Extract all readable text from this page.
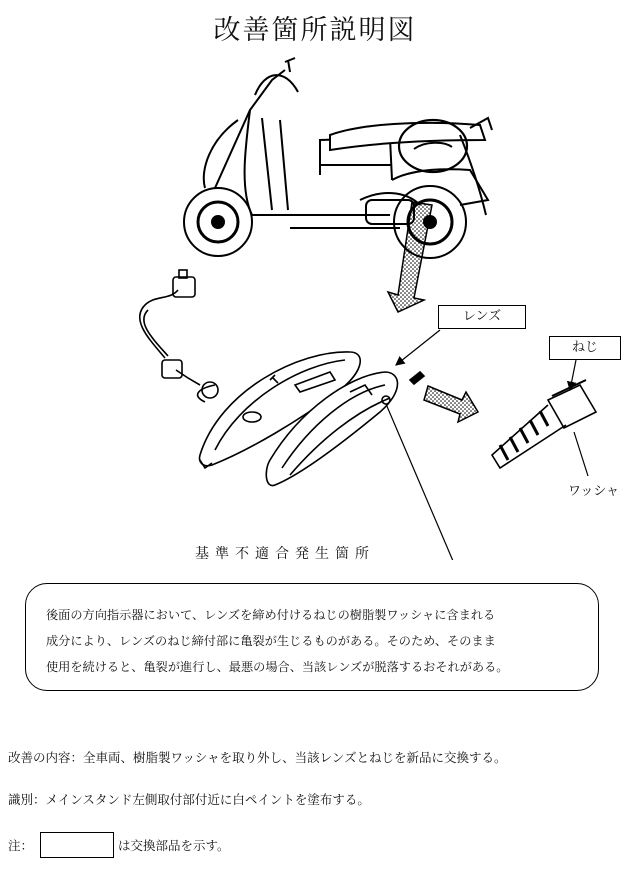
改善箇所説明図
レンズ
ねじ
ワッシャ
基準不適合発生箇所
後面の方向指示器において、レンズを締め付けるねじの樹脂製ワッシャに含まれる
成分により、レンズのねじ締付部に亀裂が生じるものがある。そのため、そのまま
使用を続けると、亀裂が進行し、最悪の場合、当該レンズが脱落するおそれがある。
改善の内容：全車両、樹脂製ワッシャを取り外し、当該レンズとねじを新品に交換する。
識別：メインスタンド左側取付部付近に白ペイントを塗布する。
注：	は交換部品を示す。
